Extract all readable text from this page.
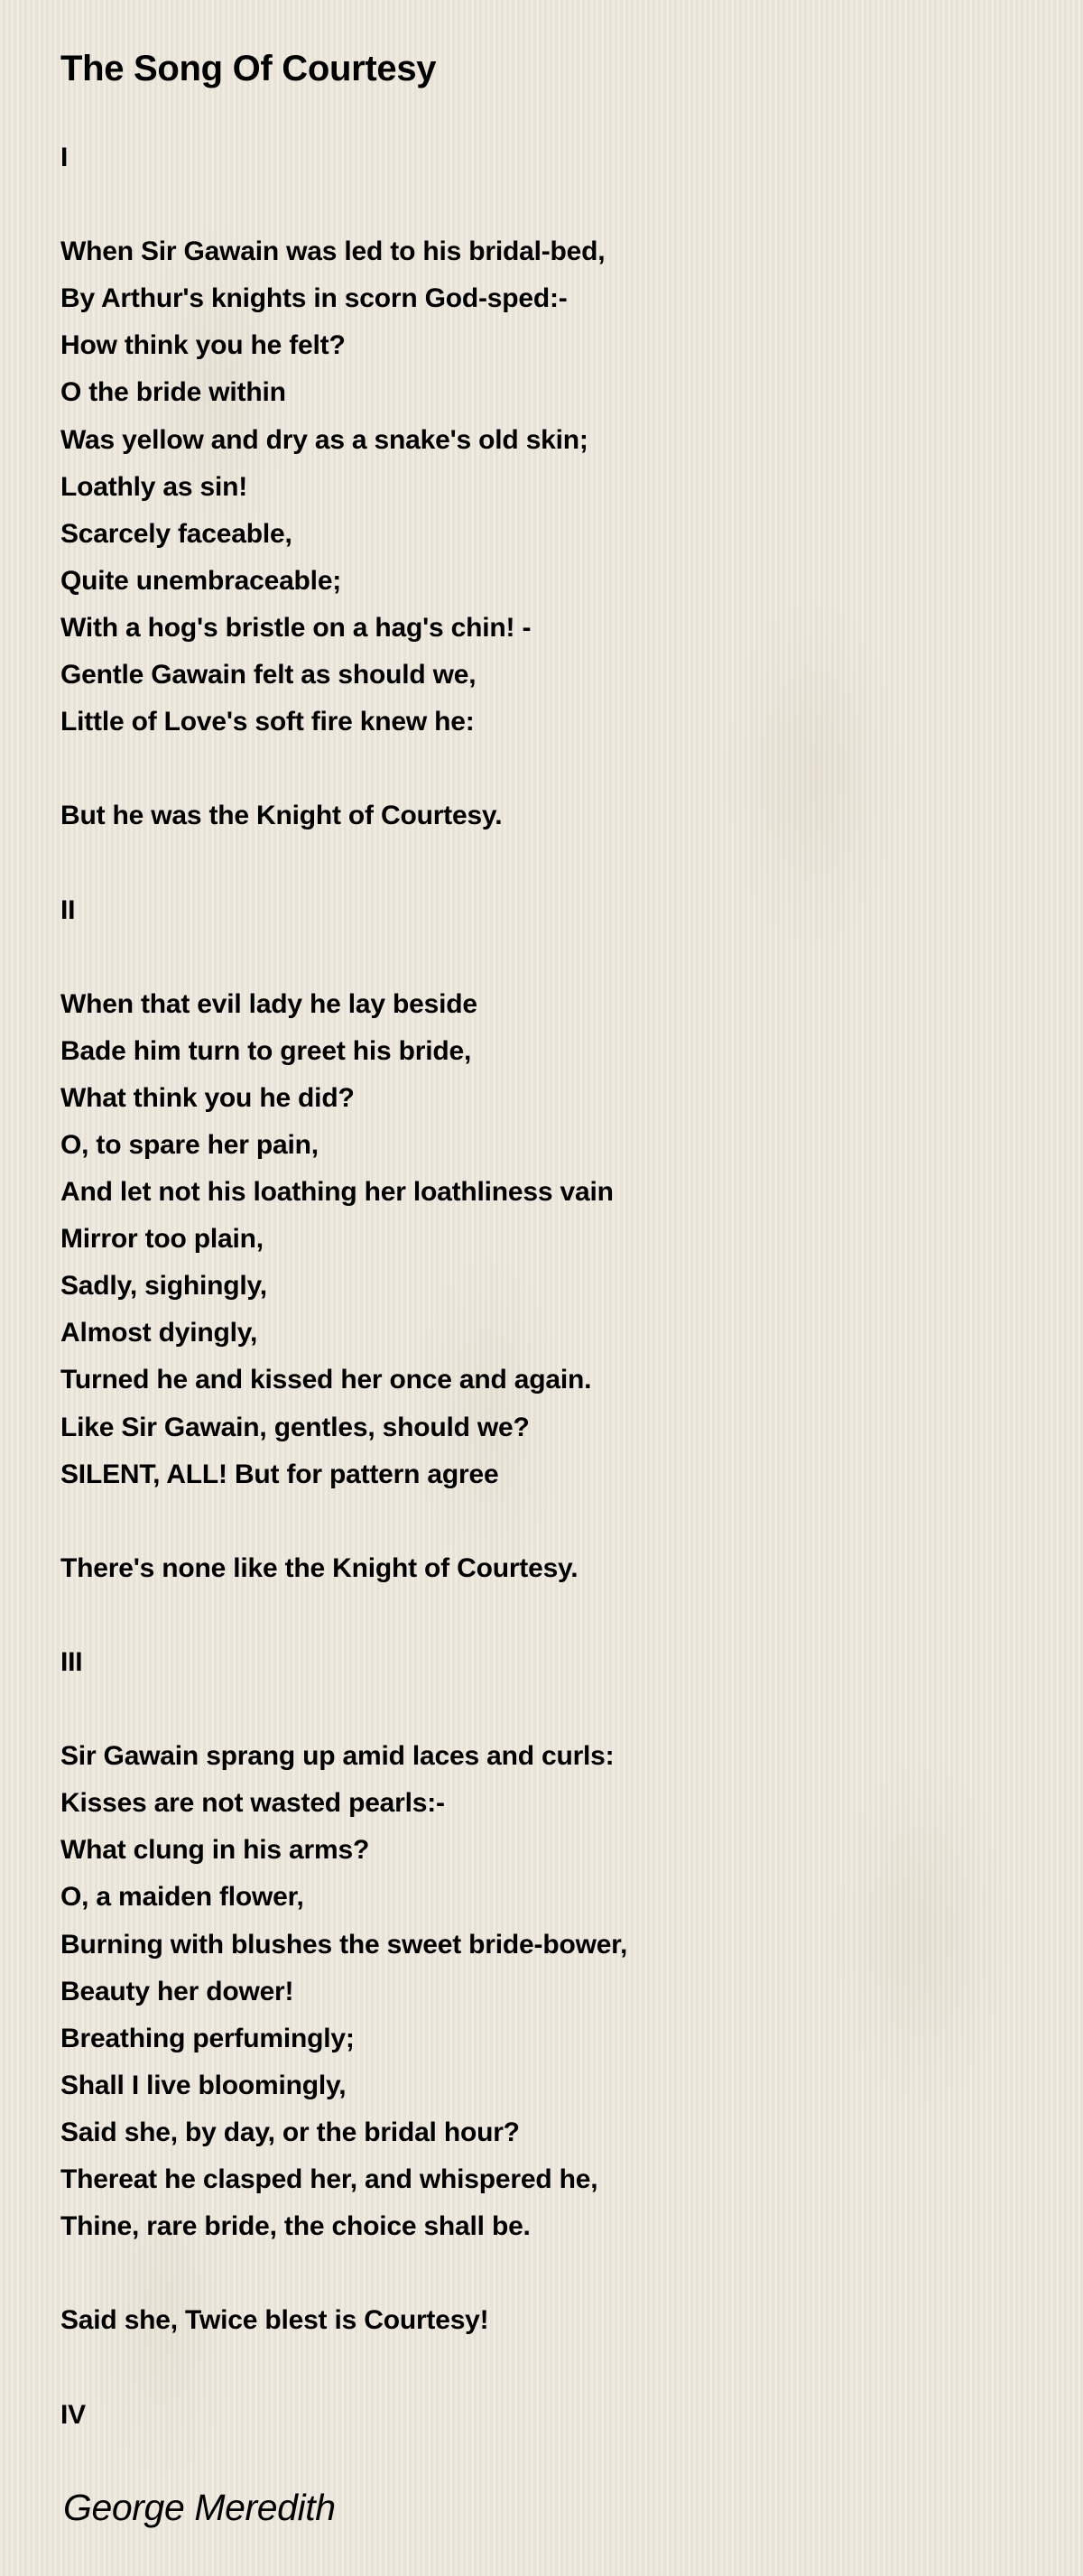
The Song Of Courtesy
I
When Sir Gawain was led to his bridal-bed,
By Arthur's knights in scorn God-sped:-
How think you he felt?
O the bride within
Was yellow and dry as a snake's old skin;
Loathly as sin!
Scarcely faceable,
Quite unembraceable;
With a hog's bristle on a hag's chin! -
Gentle Gawain felt as should we,
Little of Love's soft fire knew he:
But he was the Knight of Courtesy.
II
When that evil lady he lay beside
Bade him turn to greet his bride,
What think you he did?
O, to spare her pain,
And let not his loathing her loathliness vain
Mirror too plain,
Sadly, sighingly,
Almost dyingly,
Turned he and kissed her once and again.
Like Sir Gawain, gentles, should we?
SILENT, ALL! But for pattern agree
There's none like the Knight of Courtesy.
III
Sir Gawain sprang up amid laces and curls:
Kisses are not wasted pearls:-
What clung in his arms?
O, a maiden flower,
Burning with blushes the sweet bride-bower,
Beauty her dower!
Breathing perfumingly;
Shall I live bloomingly,
Said she, by day, or the bridal hour?
Thereat he clasped her, and whispered he,
Thine, rare bride, the choice shall be.
Said she, Twice blest is Courtesy!
IV
George Meredith
